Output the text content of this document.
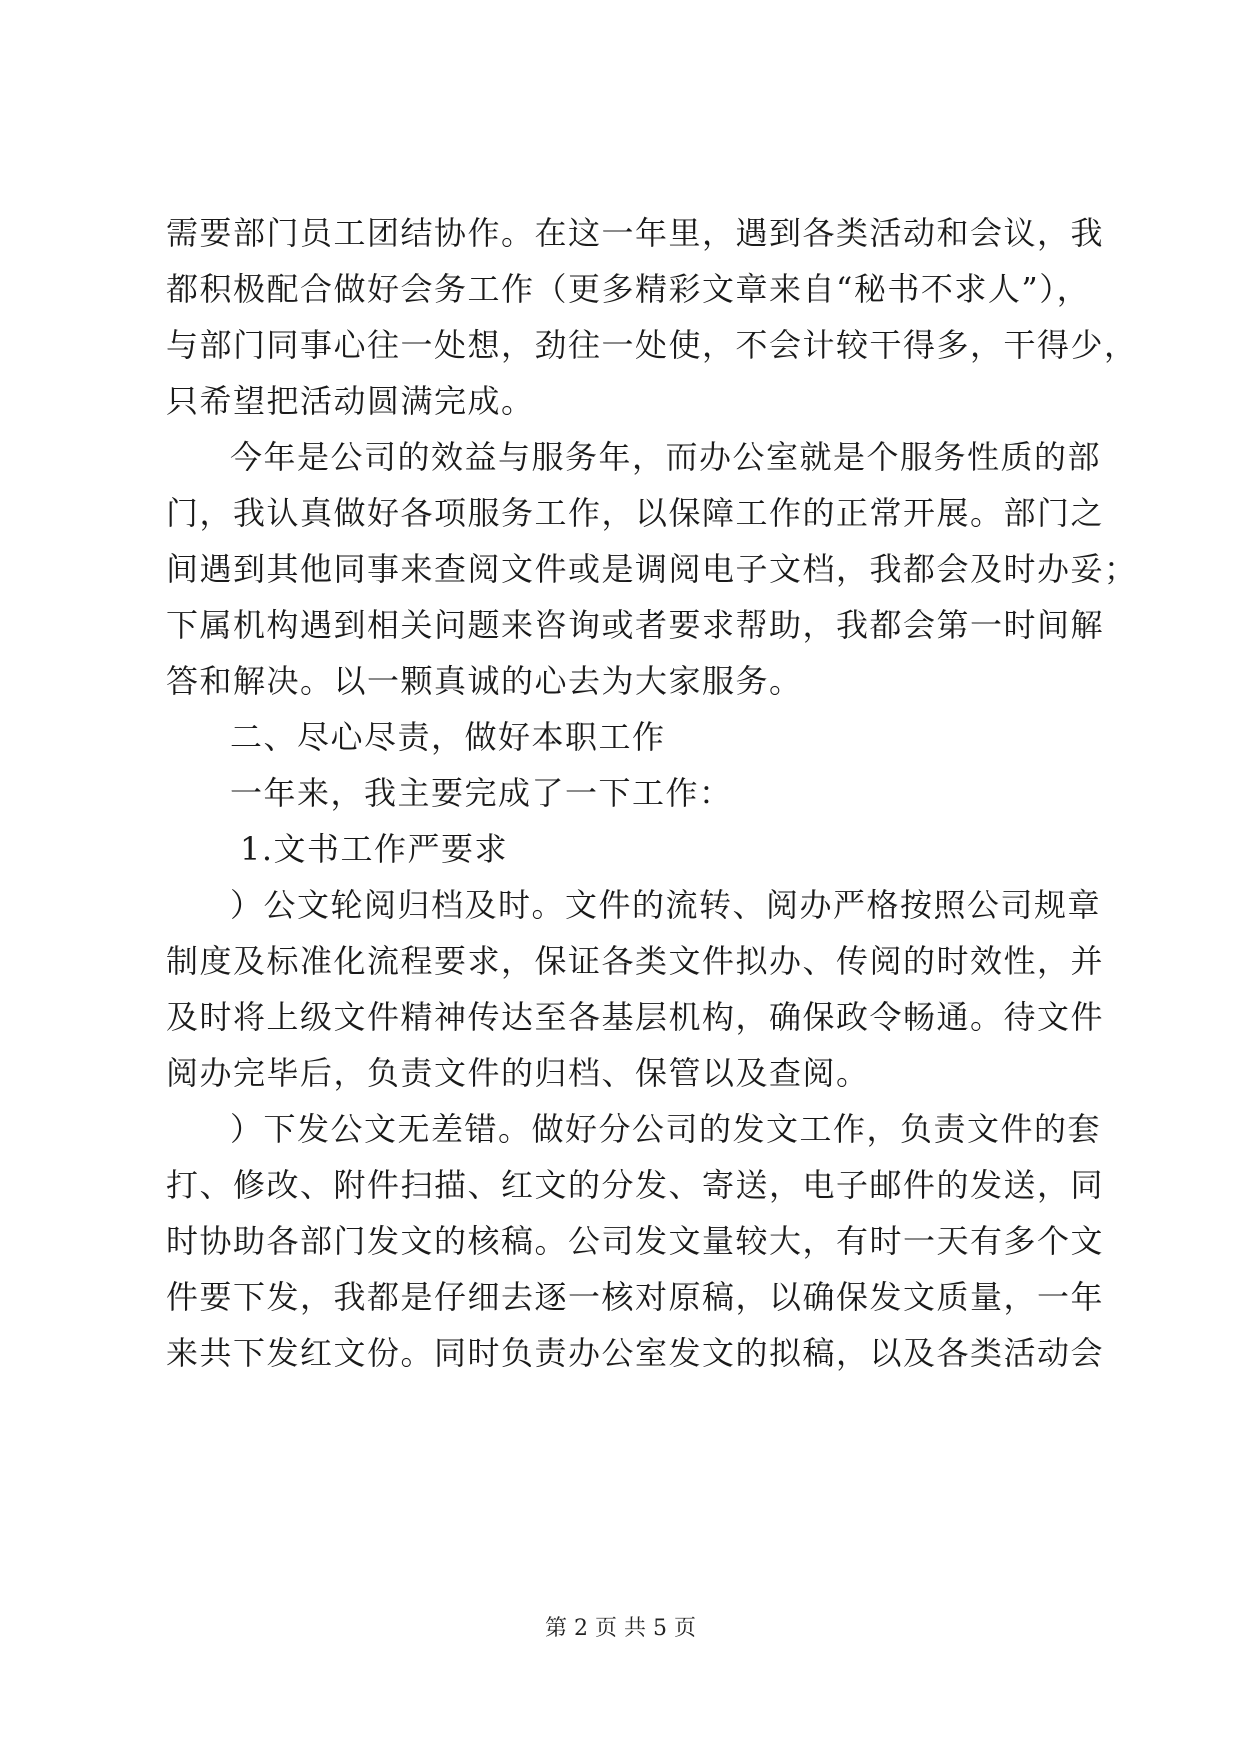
需要部门员工团结协作。在这一年里，遇到各类活动和会议，我
都积极配合做好会务工作（更多精彩文章来自“秘书不求人”），
与部门同事心往一处想，劲往一处使，不会计较干得多，干得少，
只希望把活动圆满完成。
今年是公司的效益与服务年，而办公室就是个服务性质的部
门，我认真做好各项服务工作，以保障工作的正常开展。部门之
间遇到其他同事来查阅文件或是调阅电子文档，我都会及时办妥；
下属机构遇到相关问题来咨询或者要求帮助，我都会第一时间解
答和解决。以一颗真诚的心去为大家服务。
二、尽心尽责，做好本职工作
一年来，我主要完成了一下工作：
1.文书工作严要求
）公文轮阅归档及时。文件的流转、阅办严格按照公司规章
制度及标准化流程要求，保证各类文件拟办、传阅的时效性，并
及时将上级文件精神传达至各基层机构，确保政令畅通。待文件
阅办完毕后，负责文件的归档、保管以及查阅。
）下发公文无差错。做好分公司的发文工作，负责文件的套
打、修改、附件扫描、红文的分发、寄送，电子邮件的发送，同
时协助各部门发文的核稿。公司发文量较大，有时一天有多个文
件要下发，我都是仔细去逐一核对原稿，以确保发文质量，一年
来共下发红文份。同时负责办公室发文的拟稿，以及各类活动会
第 2 页 共 5 页
